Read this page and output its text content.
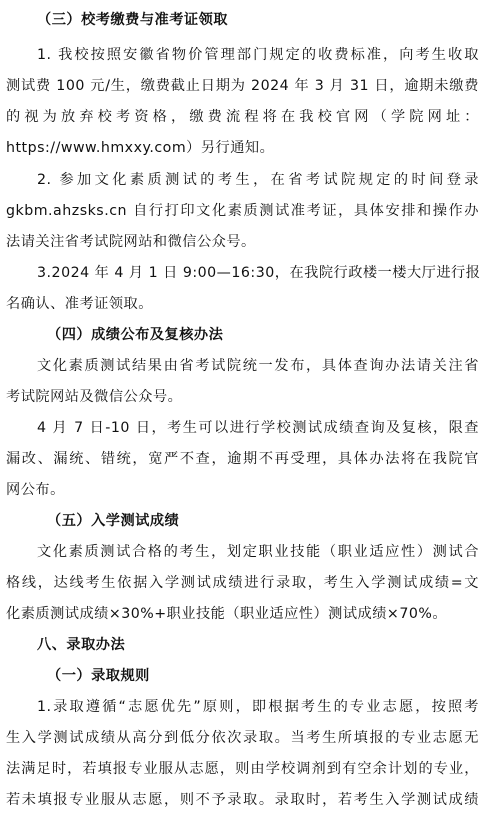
（三）校考缴费与准考证领取
1. 我校按照安徽省物价管理部门规定的收费标准，向考生收取
测试费 100 元/生，缴费截止日期为 2024 年 3 月 31 日，逾期未缴费
的视为放弃校考资格，缴费流程将在我校官网（学院网址：
https://www.hmxxy.com）另行通知。
2. 参加文化素质测试的考生，在省考试院规定的时间登录
gkbm.ahzsks.cn 自行打印文化素质测试准考证，具体安排和操作办
法请关注省考试院网站和微信公众号。
3.2024 年 4 月 1 日 9:00—16:30，在我院行政楼一楼大厅进行报
名确认、准考证领取。
（四）成绩公布及复核办法
文化素质测试结果由省考试院统一发布，具体查询办法请关注省
考试院网站及微信公众号。
4 月 7 日-10 日，考生可以进行学校测试成绩查询及复核，限查
漏改、漏统、错统，宽严不查，逾期不再受理，具体办法将在我院官
网公布。
（五）入学测试成绩
文化素质测试合格的考生，划定职业技能（职业适应性）测试合
格线，达线考生依据入学测试成绩进行录取，考生入学测试成绩=文
化素质测试成绩×30%+职业技能（职业适应性）测试成绩×70%。
八、录取办法
（一）录取规则
1.录取遵循“志愿优先”原则，即根据考生的专业志愿，按照考
生入学测试成绩从高分到低分依次录取。当考生所填报的专业志愿无
法满足时，若填报专业服从志愿，则由学校调剂到有空余计划的专业，
若未填报专业服从志愿，则不予录取。录取时，若考生入学测试成绩
